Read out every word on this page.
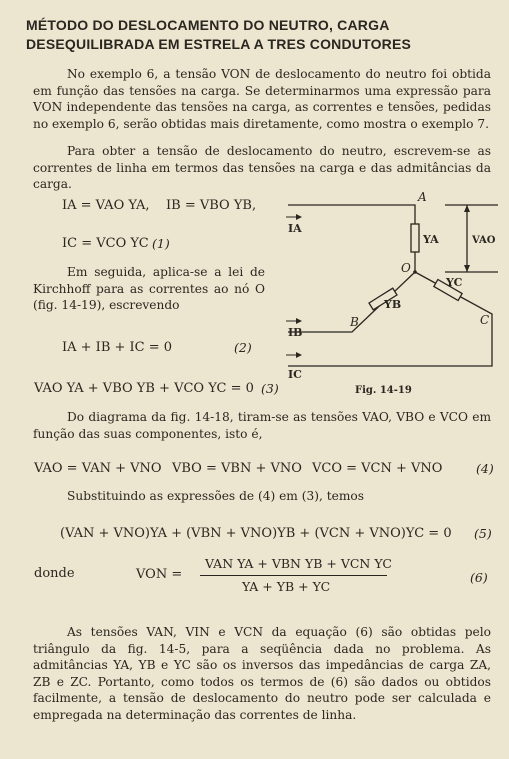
MÉTODO DO DESLOCAMENTO DO NEUTRO, CARGA DESEQUILIBRADA EM ESTRELA A TRES CONDUTORES
No exemplo 6, a tensão VON de deslocamento do neutro foi obtida em função das tensões na carga. Se determinarmos uma expressão para VON independente das tensões na carga, as correntes e tensões, pedidas no exemplo 6, serão obtidas mais diretamente, como mostra o exemplo 7.
Para obter a tensão de deslocamento do neutro, escrevem-se as correntes de linha em termos das tensões na carga e das admitâncias da carga.
IA = VAO YA, IB = VBO YB,
IC = VCO YC (1)
Em seguida, aplica-se a lei de Kirchhoff para as correntes ao nó O (fig. 14-19), escrevendo
IA + IB + IC = 0	(2)
VAO YA + VBO YB + VCO YC = 0 (3)
A
O
B	C
IA
IB
IC
YA
YB
YC
VAO
Fig. 14-19
Do diagrama da fig. 14-18, tiram-se as tensões VAO, VBO e VCO em função das suas componentes, isto é,
VAO = VAN + VNO VBO = VBN + VNO VCO = VCN + VNO	(4)
Substituindo as expressões de (4) em (3), temos
(VAN + VNO)YA + (VBN + VNO)YB + (VCN + VNO)YC = 0 (5)
donde	VON =
VAN YA + VBN YB + VCN YC
YA + YB + YC
(6)
As tensões VAN, VIN e VCN da equação (6) são obtidas pelo triângulo da fig. 14-5, para a seqüência dada no problema. As admitâncias YA, YB e YC são os inversos das impedâncias de carga ZA, ZB e ZC. Portanto, como todos os termos de (6) são dados ou obtidos facilmente, a tensão de deslocamento do neutro pode ser calculada e empregada na determinação das correntes de linha.
